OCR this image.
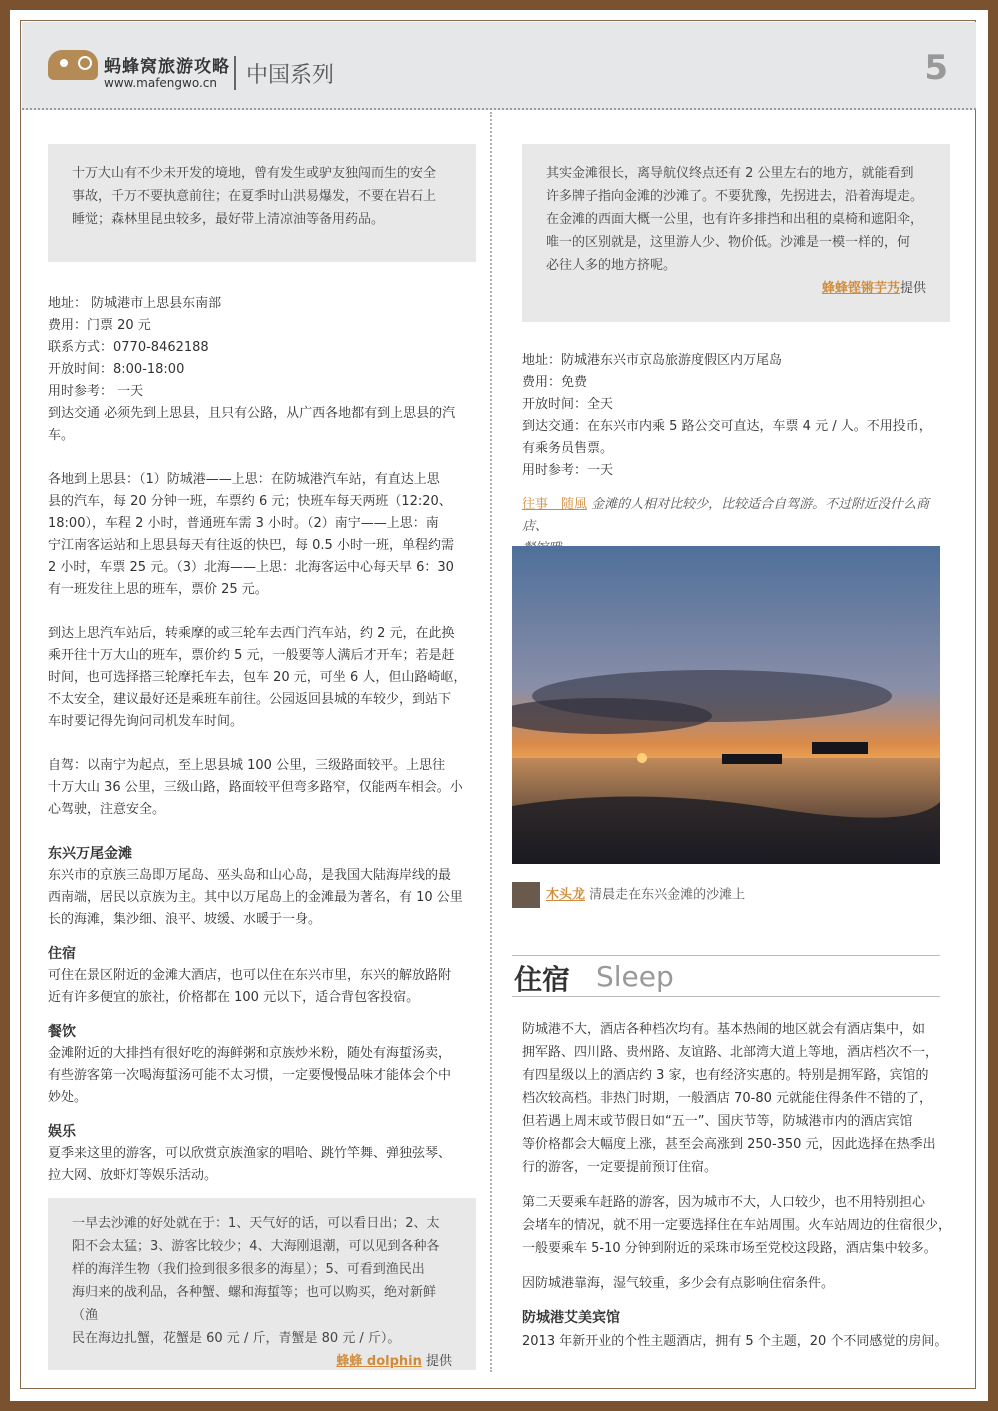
蚂蜂窝旅游攻略
www.mafengwo.cn 中国系列	5

十万大山有不少未开发的境地，曾有发生或驴友独闯而生的安全

事故，千万不要执意前往；在夏季时山洪易爆发，不要在岩石上

睡觉；森林里昆虫较多，最好带上清凉油等备用药品。

地址： 防城港市上思县东南部

费用：门票 20 元

联系方式：0770-8462188

开放时间：8:00-18:00

用时参考： 一天

到达交通 必须先到上思县，且只有公路，从广西各地都有到上思县的汽车。

各地到上思县：（1）防城港——上思：在防城港汽车站，有直达上思

县的汽车，每 20 分钟一班，车票约 6 元；快班车每天两班（12:20、

18:00），车程 2 小时，普通班车需 3 小时。（2）南宁——上思：南

宁江南客运站和上思县每天有往返的快巴，每 0.5 小时一班，单程约需

2 小时，车票 25 元。（3）北海——上思：北海客运中心每天早 6：30

有一班发往上思的班车，票价 25 元。

到达上思汽车站后，转乘摩的或三轮车去西门汽车站，约 2 元，在此换

乘开往十万大山的班车，票价约 5 元，一般要等人满后才开车；若是赶

时间，也可选择搭三轮摩托车去，包车 20 元，可坐 6 人，但山路崎岖，

不太安全，建议最好还是乘班车前往。公园返回县城的车较少，到站下

车时要记得先询问司机发车时间。

自驾：以南宁为起点，至上思县城 100 公里，三级路面较平。上思往

十万大山 36 公里，三级山路，路面较平但弯多路窄，仅能两车相会。小

心驾驶，注意安全。

东兴万尾金滩

东兴市的京族三岛即万尾岛、巫头岛和山心岛，是我国大陆海岸线的最

西南端，居民以京族为主。其中以万尾岛上的金滩最为著名，有 10 公里

长的海滩，集沙细、浪平、坡缓、水暖于一身。

住宿

可住在景区附近的金滩大酒店，也可以住在东兴市里，东兴的解放路附

近有许多便宜的旅社，价格都在 100 元以下，适合背包客投宿。

餐饮

金滩附近的大排挡有很好吃的海鲜粥和京族炒米粉，随处有海蜇汤卖，

有些游客第一次喝海蜇汤可能不太习惯，一定要慢慢品味才能体会个中

妙处。

娱乐

夏季来这里的游客，可以欣赏京族渔家的唱哈、跳竹竿舞、弹独弦琴、

拉大网、放虾灯等娱乐活动。

一早去沙滩的好处就在于：1、天气好的话，可以看日出；2、太

阳不会太猛；3、游客比较少；4、大海刚退潮，可以见到各种各

样的海洋生物（我们捡到很多很多的海星）；5、可看到渔民出

海归来的战利品，各种蟹、螺和海蜇等；也可以购买，绝对新鲜（渔

民在海边扎蟹，花蟹是 60 元 / 斤，青蟹是 80 元 / 斤）。

蜂蜂 dolphin 提供

其实金滩很长，离导航仪终点还有 2 公里左右的地方，就能看到

许多牌子指向金滩的沙滩了。不要犹豫，先拐进去，沿着海堤走。

在金滩的西面大概一公里，也有许多排挡和出租的桌椅和遮阳伞，

唯一的区别就是，这里游人少、物价低。沙滩是一模一样的，何

必往人多的地方挤呢。

蜂蜂铿锵芋艿提供

地址：防城港东兴市京岛旅游度假区内万尾岛

费用：免费

开放时间：全天

到达交通：在东兴市内乘 5 路公交可直达，车票 4 元 / 人。不用投币，

有乘务员售票。

用时参考：一天

往事＿随風 金滩的人相对比较少，比较适合自驾游。不过附近没什么商店、

木头龙 清晨走在东兴金滩的沙滩上
住宿 Sleep

防城港不大，酒店各种档次均有。基本热闹的地区就会有酒店集中，如

拥军路、四川路、贵州路、友谊路、北部湾大道上等地，酒店档次不一，

有四星级以上的酒店约 3 家，也有经济实惠的。特别是拥军路，宾馆的

档次较高档。非热门时期，一般酒店 70-80 元就能住得条件不错的了，

但若遇上周末或节假日如“五一”、国庆节等，防城港市内的酒店宾馆

等价格都会大幅度上涨，甚至会高涨到 250-350 元，因此选择在热季出

行的游客，一定要提前预订住宿。

第二天要乘车赶路的游客，因为城市不大，人口较少，也不用特别担心

会堵车的情况，就不用一定要选择住在车站周围。火车站周边的住宿很少，

一般要乘车 5-10 分钟到附近的采珠市场至党校这段路，酒店集中较多。

因防城港靠海，湿气较重，多少会有点影响住宿条件。

防城港艾美宾馆

2013 年新开业的个性主题酒店，拥有 5 个主题，20 个不同感觉的房间。
